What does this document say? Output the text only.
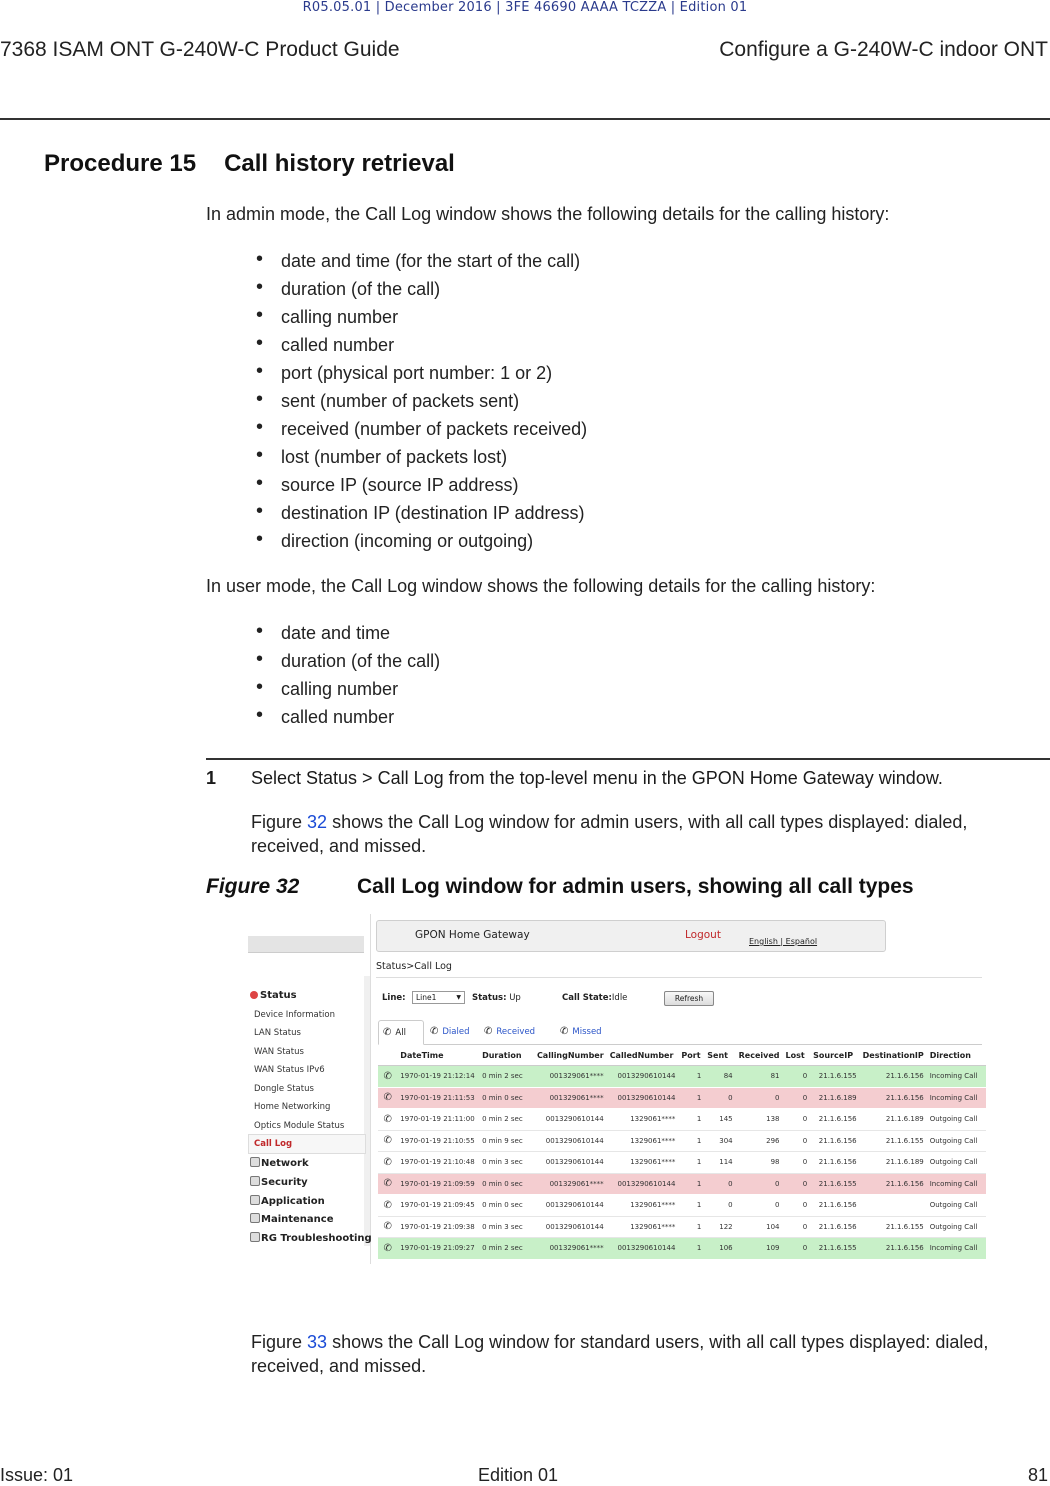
R05.05.01 | December 2016 | 3FE 46690 AAAA TCZZA | Edition 01
7368 ISAM ONT G-240W-C Product Guide	Configure a G-240W-C indoor ONT
Procedure 15 Call history retrieval
In admin mode, the Call Log window shows the following details for the calling history:
• date and time (for the start of the call)
• duration (of the call)
• calling number
• called number
• port (physical port number: 1 or 2)
• sent (number of packets sent)
• received (number of packets received)
• lost (number of packets lost)
• source IP (source IP address)
• destination IP (destination IP address)
• direction (incoming or outgoing)
In user mode, the Call Log window shows the following details for the calling history:
• date and time
• duration (of the call)
• calling number
• called number
1 Select Status > Call Log from the top-level menu in the GPON Home Gateway window.
Figure 32 shows the Call Log window for admin users, with all call types displayed: dialed, received, and missed.
Figure 32	Call Log window for admin users, showing all call types
Status
Device Information
LAN Status
WAN Status
WAN Status IPv6
Dongle Status
Home Networking
Optics Module Status
Call Log
Network
Security
Application
Maintenance
RG Troubleshooting
GPON Home Gateway	Logout
English | Español
Status>Call Log
Line:	Status: Up	Call State:Idle
Line1	▼	Refresh
✆ All	✆ Dialed	✆ Received	✆ Missed
	DateTime	Duration	CallingNumber	CalledNumber	Port	Sent	Received	Lost	SourceIP	DestinationIP	Direction
✆	1970-01-19 21:12:14	0 min 2 sec	001329061****	0013290610144	1	84	81	0	21.1.6.155	21.1.6.156	Incoming Call
✆	1970-01-19 21:11:53	0 min 0 sec	001329061****	0013290610144	1	0	0	0	21.1.6.189	21.1.6.156	Incoming Call
✆	1970-01-19 21:11:00	0 min 2 sec	0013290610144	1329061****	1	145	138	0	21.1.6.156	21.1.6.189	Outgoing Call
✆	1970-01-19 21:10:55	0 min 9 sec	0013290610144	1329061****	1	304	296	0	21.1.6.156	21.1.6.155	Outgoing Call
✆	1970-01-19 21:10:48	0 min 3 sec	0013290610144	1329061****	1	114	98	0	21.1.6.156	21.1.6.189	Outgoing Call
✆	1970-01-19 21:09:59	0 min 0 sec	001329061****	0013290610144	1	0	0	0	21.1.6.155	21.1.6.156	Incoming Call
✆	1970-01-19 21:09:45	0 min 0 sec	0013290610144	1329061****	1	0	0	0	21.1.6.156		Outgoing Call
✆	1970-01-19 21:09:38	0 min 3 sec	0013290610144	1329061****	1	122	104	0	21.1.6.156	21.1.6.155	Outgoing Call
✆	1970-01-19 21:09:27	0 min 2 sec	001329061****	0013290610144	1	106	109	0	21.1.6.155	21.1.6.156	Incoming Call
Figure 33 shows the Call Log window for standard users, with all call types displayed: dialed, received, and missed.
Issue: 01	Edition 01	81
